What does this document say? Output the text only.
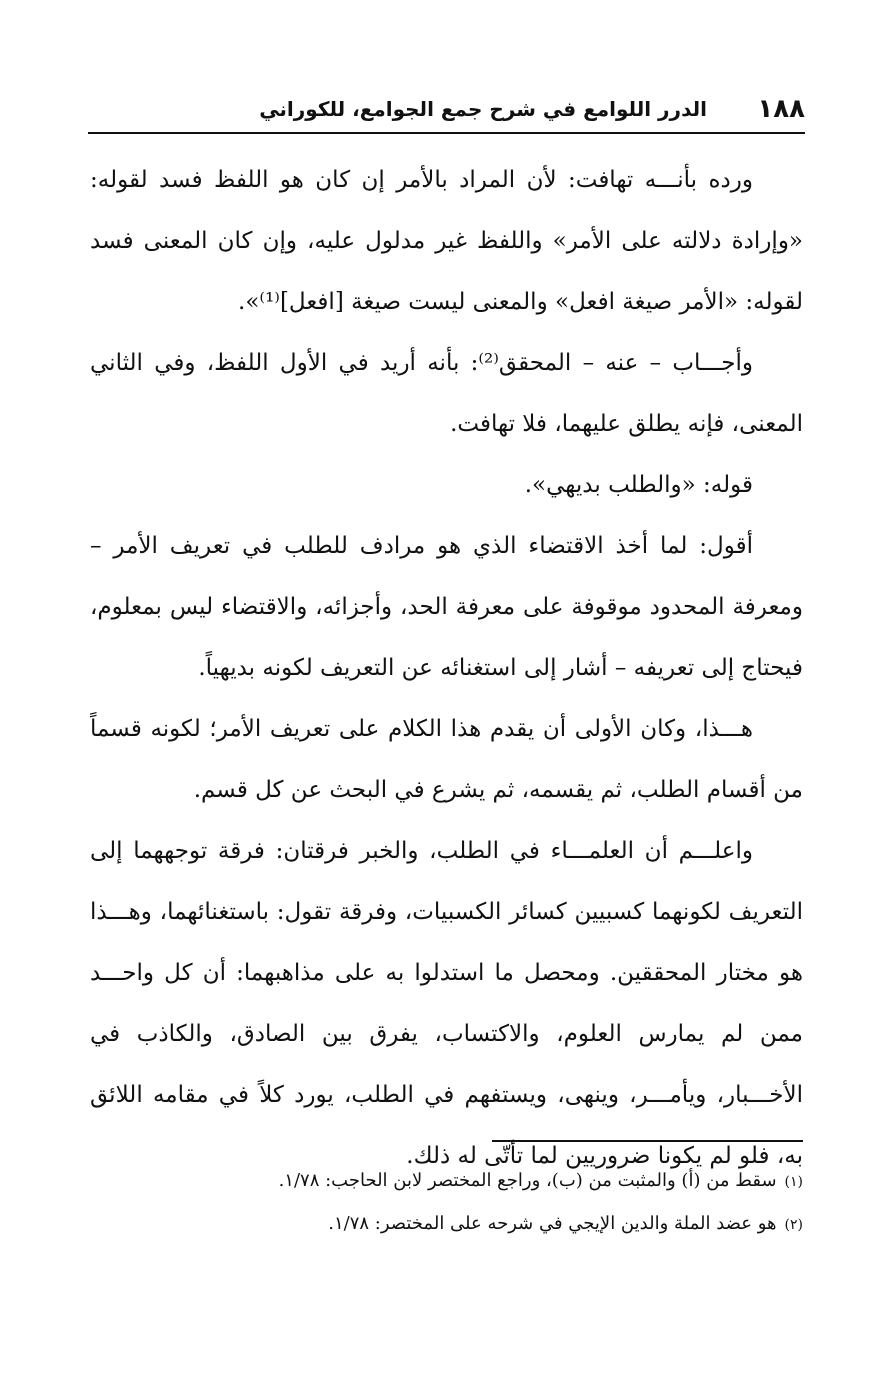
١٨٨
الدرر اللوامع في شرح جمع الجوامع، للكوراني

ورده بأنـــه تهافت: لأن المراد بالأمر إن كان هو اللفظ فسد لقوله: «وإرادة دلالته على الأمر» واللفظ غير مدلول عليه، وإن كان المعنى فسد لقوله: «الأمر صيغة افعل» والمعنى ليست صيغة [افعل]⁽¹⁾».

وأجـــاب – عنه – المحقق⁽²⁾: بأنه أريد في الأول اللفظ، وفي الثاني المعنى، فإنه يطلق عليهما، فلا تهافت.

قوله: «والطلب بديهي».

أقول: لما أخذ الاقتضاء الذي هو مرادف للطلب في تعريف الأمر – ومعرفة المحدود موقوفة على معرفة الحد، وأجزائه، والاقتضاء ليس بمعلوم، فيحتاج إلى تعريفه – أشار إلى استغنائه عن التعريف لكونه بديهياً.

هـــذا، وكان الأولى أن يقدم هذا الكلام على تعريف الأمر؛ لكونه قسماً من أقسام الطلب، ثم يقسمه، ثم يشرع في البحث عن كل قسم.

واعلـــم أن العلمـــاء في الطلب، والخبر فرقتان: فرقة توجههما إلى التعريف لكونهما كسبيين كسائر الكسبيات، وفرقة تقول: باستغنائهما، وهـــذا هو مختار المحققين. ومحصل ما استدلوا به على مذاهبهما: أن كل واحـــد ممن لم يمارس العلوم، والاكتساب، يفرق بين الصادق، والكاذب في الأخـــبار، ويأمـــر، وينهى، ويستفهم في الطلب، يورد كلاً في مقامه اللائق به، فلو لم يكونا ضروريين لما تأتّى له ذلك.

(١)سقط من (أ) والمثبت من (ب)، وراجع المختصر لابن الحاجب: ١/٧٨.

(٢)هو عضد الملة والدين الإيجي في شرحه على المختصر: ١/٧٨.
